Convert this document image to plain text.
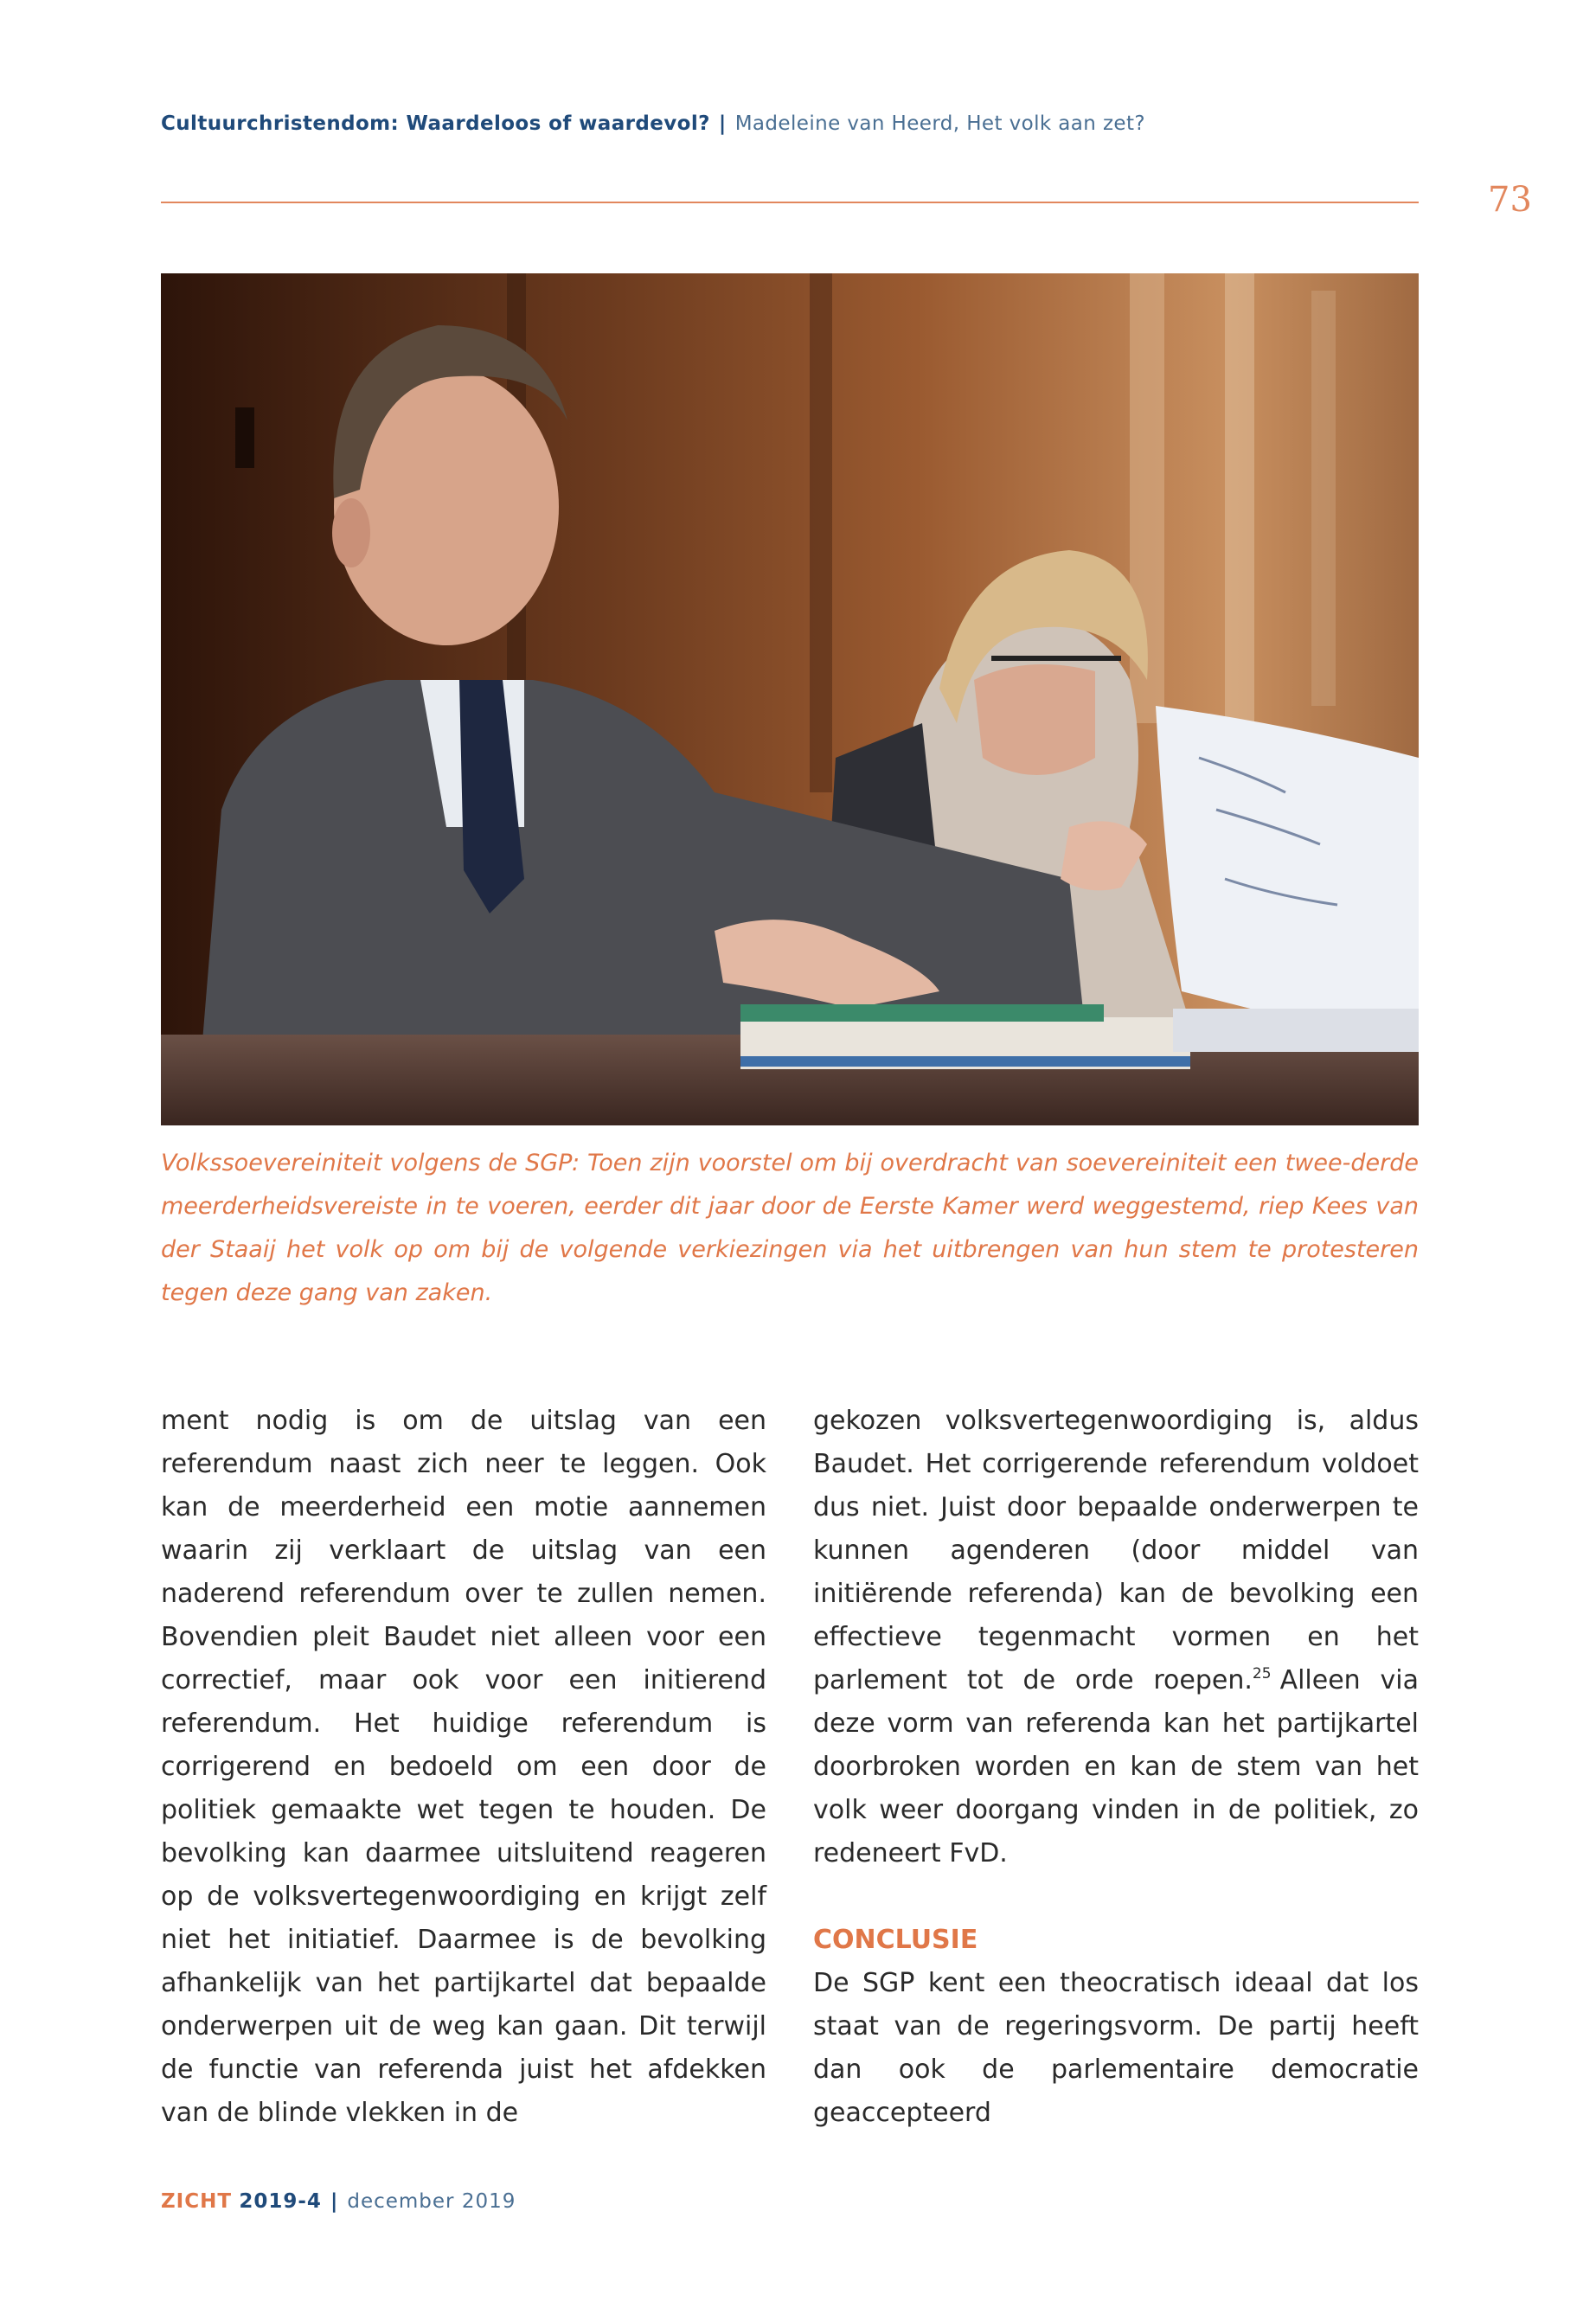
Cultuurchristendom: Waardeloos of waardevol? | Madeleine van Heerd, Het volk aan zet?
73

Volkssoevereiniteit volgens de SGP: Toen zijn voorstel om bij overdracht van soevereiniteit een twee-derde meerderheidsvereiste in te voeren, eerder dit jaar door de Eerste Kamer werd weggestemd, riep Kees van der Staaij het volk op om bij de volgende verkiezingen via het uitbrengen van hun stem te protesteren tegen deze gang van zaken.

ment nodig is om de uitslag van een referendum naast zich neer te leggen. Ook kan de meerderheid een motie aannemen waarin zij verklaart de uitslag van een naderend referendum over te zullen nemen. Bovendien pleit Baudet niet alleen voor een correctief, maar ook voor een initierend referendum. Het huidige referendum is corrigerend en bedoeld om een door de politiek gemaakte wet tegen te houden. De bevolking kan daarmee uitsluitend reageren op de volksvertegenwoordiging en krijgt zelf niet het initiatief. Daarmee is de bevolking afhankelijk van het partijkartel dat bepaalde onderwerpen uit de weg kan gaan. Dit terwijl de functie van referenda juist het afdekken van de blinde vlekken in de

gekozen volksvertegenwoordiging is, aldus Baudet. Het corrigerende referendum voldoet dus niet. Juist door bepaalde onderwerpen te kunnen agenderen (door middel van initiërende referenda) kan de bevolking een effectieve tegenmacht vormen en het parlement tot de orde roepen.$^{25}$ Alleen via deze vorm van referenda kan het partijkartel doorbroken worden en kan de stem van het volk weer doorgang vinden in de politiek, zo redeneert FvD.

CONCLUSIE

De SGP kent een theocratisch ideaal dat los staat van de regeringsvorm. De partij heeft dan ook de parlementaire democratie geaccepteerd

ZICHT 2019-4 | december 2019
